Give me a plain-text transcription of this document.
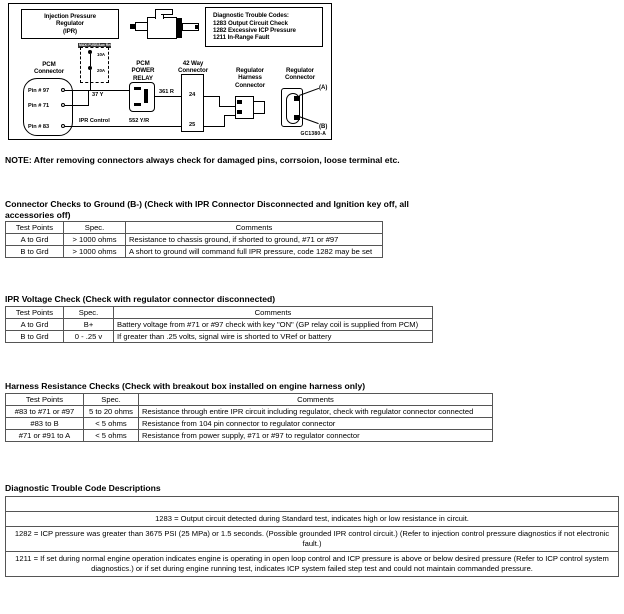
Injection Pressure
Regulator
(IPR)
Diagnostic Trouble Codes:
1283 Output Circuit Check
1282 Excessive ICP Pressure
1211 In-Range Fault
PCM
Connector
Pin # 97
Pin # 71
Pin # 83
MAXI FUSE/Aux Relay Box
10A
20A
PCM
POWER
RELAY
37 Y	361 R
IPR Control	552 Y/R
42 Way
Connector
24
25
Regulator
Harness
Connector
Regulator
Connector
(A)
(B)
GC1380-A
NOTE: After removing connectors always check for damaged pins, corrsoion, loose terminal etc.
Connector Checks to Ground (B-) (Check with IPR Connector Disconnected and Ignition key off, all accessories off)
Test Points	Spec.	Comments
A to Grd	> 1000 ohms	Resistance to chassis ground, if shorted to ground, #71 or #97
B to Grd	> 1000 ohms	A short to ground will command full IPR pressure, code 1282 may be set
IPR Voltage Check (Check with regulator connector disconnected)
Test Points	Spec.	Comments
A to Grd	B+	Battery voltage from #71 or #97 check with key "ON" (GP relay coil is supplied from PCM)
B to Grd	0 - .25 v	If greater than .25 volts, signal wire is shorted to VRef or battery
Harness Resistance Checks (Check with breakout box installed on engine harness only)
Test Points	Spec.	Comments
#83 to #71 or #97	5 to 20 ohms	Resistance through entire IPR circuit including regulator, check with regulator connector connected
#83 to B	< 5 ohms	Resistance from 104 pin connector to regulator connector
#71 or #91 to A	< 5 ohms	Resistance from power supply, #71 or #97 to regulator connector
Diagnostic Trouble Code Descriptions

1283 = Output circuit detected during Standard test, indicates high or low resistance in circuit.
1282 = ICP pressure was greater than 3675 PSI (25 MPa) or 1.5 seconds. (Possible grounded IPR control circuit.) (Refer to injection control pressure diagnostics if not electronic fault.)
1211 = If set during normal engine operation indicates engine is operating in open loop control and ICP pressure is above or below desired pressure (Refer to ICP control system diagnostics.) or if set during engine running test, indicates ICP system failed step test and could not maintain commanded pressure.
